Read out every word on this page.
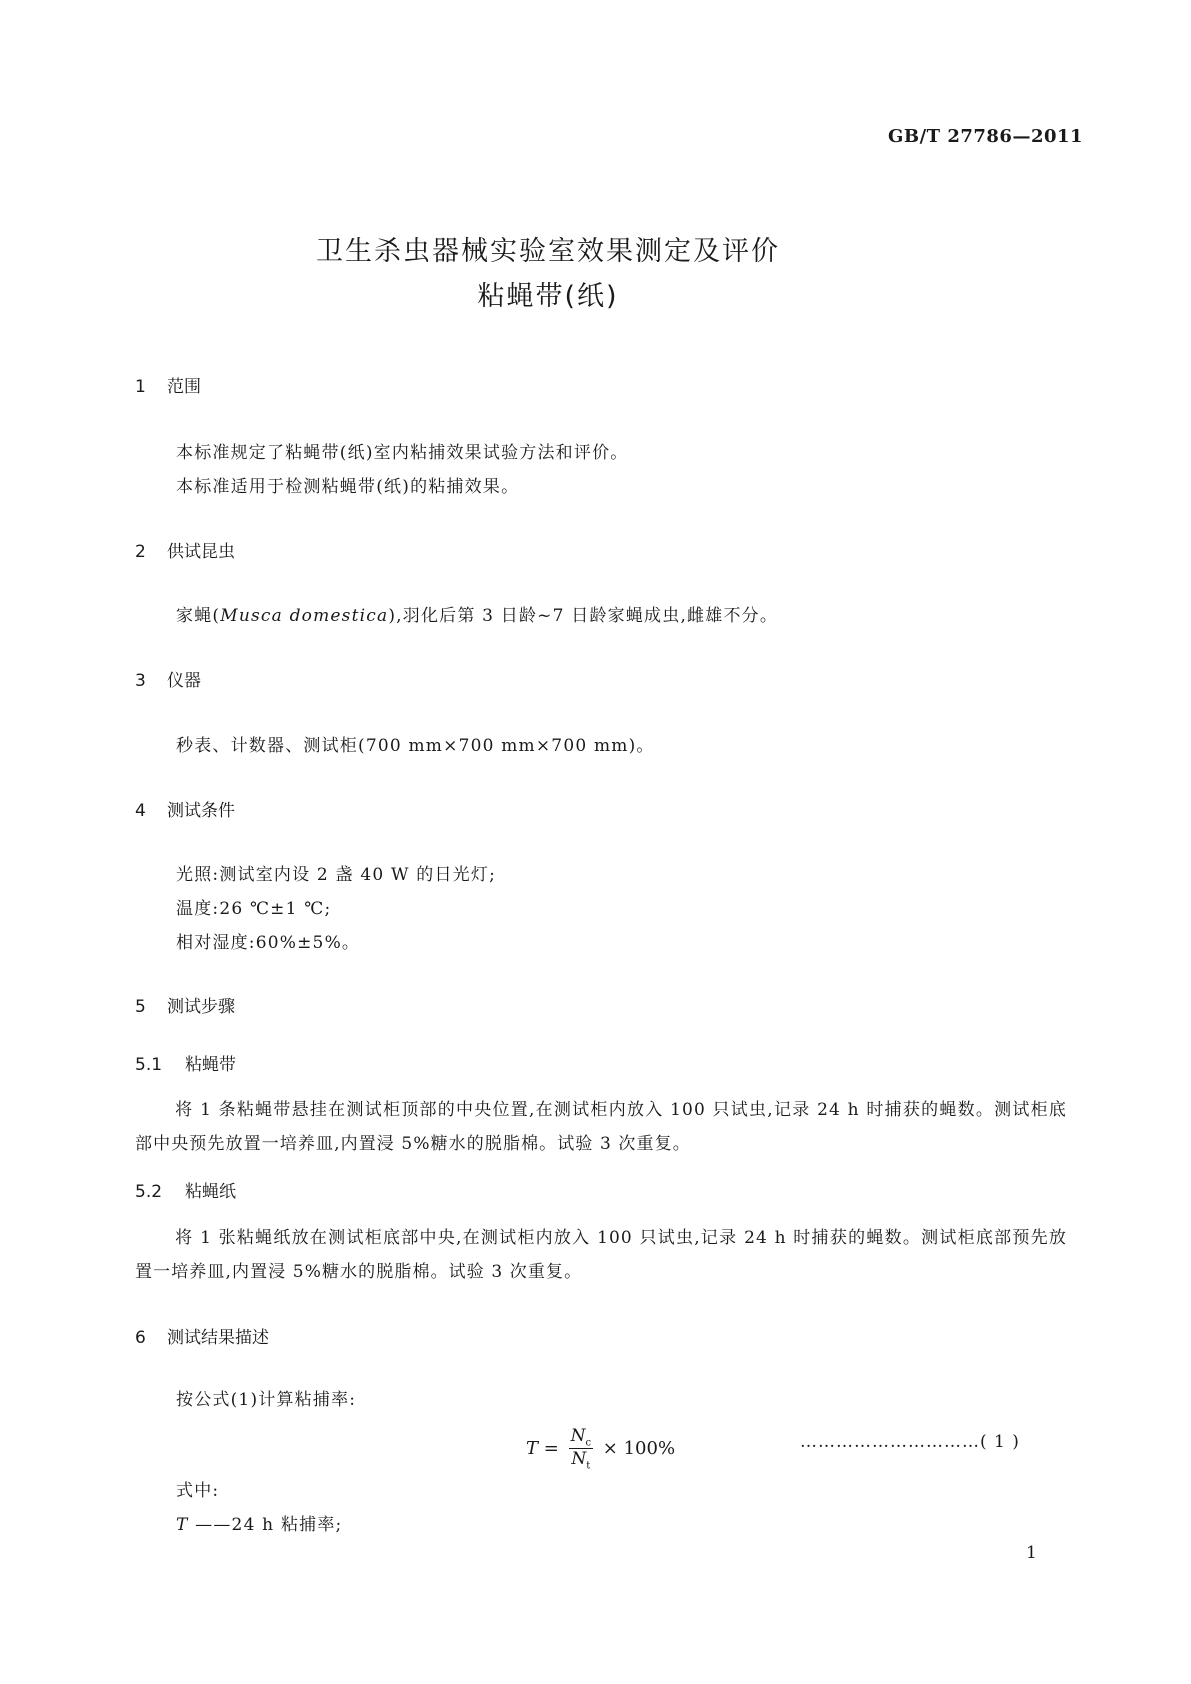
GB/T 27786—2011
卫生杀虫器械实验室效果测定及评价
粘蝇带(纸)
1 范围
本标准规定了粘蝇带(纸)室内粘捕效果试验方法和评价。
本标准适用于检测粘蝇带(纸)的粘捕效果。
2 供试昆虫
家蝇(Musca domestica),羽化后第 3 日龄~7 日龄家蝇成虫,雌雄不分。
3 仪器
秒表、计数器、测试柜(700 mm×700 mm×700 mm)。
4 测试条件
光照:测试室内设 2 盏 40 W 的日光灯;
温度:26 ℃±1 ℃;
相对湿度:60%±5%。
5 测试步骤
5.1 粘蝇带
将 1 条粘蝇带悬挂在测试柜顶部的中央位置,在测试柜内放入 100 只试虫,记录 24 h 时捕获的蝇数。测试柜底部中央预先放置一培养皿,内置浸 5%糖水的脱脂棉。试验 3 次重复。
5.2 粘蝇纸
将 1 张粘蝇纸放在测试柜底部中央,在测试柜内放入 100 只试虫,记录 24 h 时捕获的蝇数。测试柜底部预先放置一培养皿,内置浸 5%糖水的脱脂棉。试验 3 次重复。
6 测试结果描述
按公式(1)计算粘捕率:
$T = \frac{N_c}{N_t} \times 100\%$	…………………………( 1 )
式中:
T ——24 h 粘捕率;
1
